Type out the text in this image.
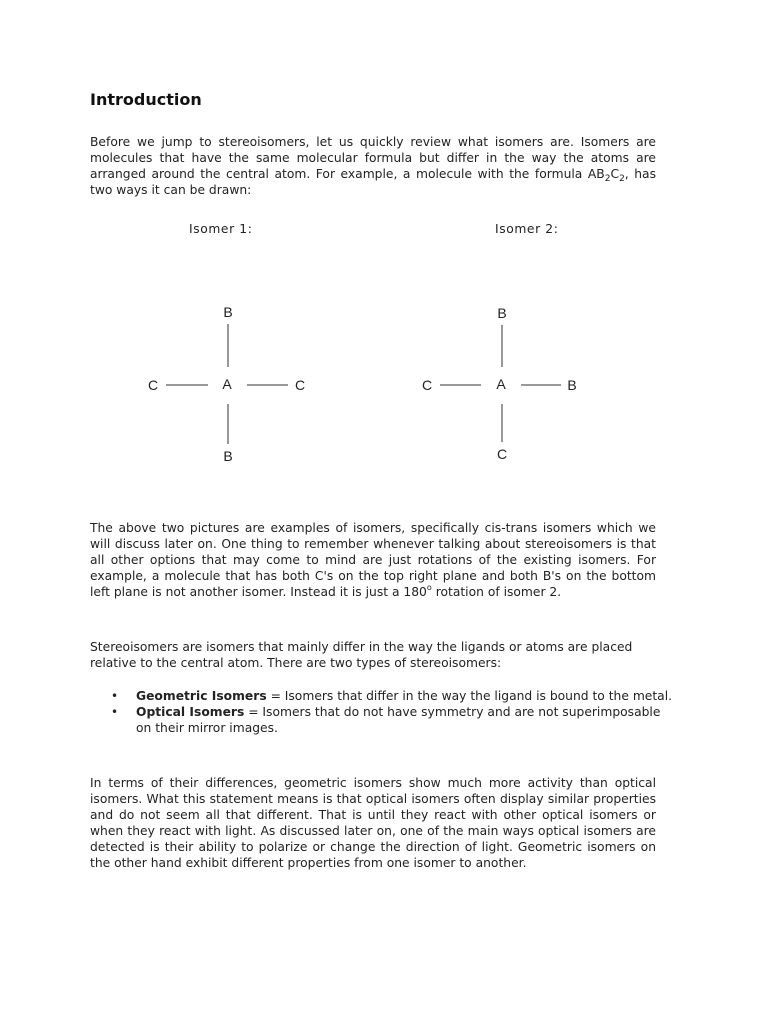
Introduction
Before we jump to stereoisomers, let us quickly review what isomers are. Isomers are molecules that have the same molecular formula but differ in the way the atoms are arranged around the central atom. For example, a molecule with the formula $AB_2C_2$, has two ways it can be drawn:
Isomer 1:	Isomer 2:
B
C	A	C
B
B
C	A	B
C
The above two pictures are examples of isomers, specifically cis-trans isomers which we will discuss later on. One thing to remember whenever talking about stereoisomers is that all other options that may come to mind are just rotations of the existing isomers. For example, a molecule that has both C's on the top right plane and both B's on the bottom left plane is not another isomer. Instead it is just a 180$^o$ rotation of isomer 2.
Stereoisomers are isomers that mainly differ in the way the ligands or atoms are placed relative to the central atom. There are two types of stereoisomers:
• Geometric Isomers = Isomers that differ in the way the ligand is bound to the metal.
• Optical Isomers = Isomers that do not have symmetry and are not superimposable on their mirror images.
In terms of their differences, geometric isomers show much more activity than optical isomers. What this statement means is that optical isomers often display similar properties and do not seem all that different. That is until they react with other optical isomers or when they react with light. As discussed later on, one of the main ways optical isomers are detected is their ability to polarize or change the direction of light. Geometric isomers on the other hand exhibit different properties from one isomer to another.
